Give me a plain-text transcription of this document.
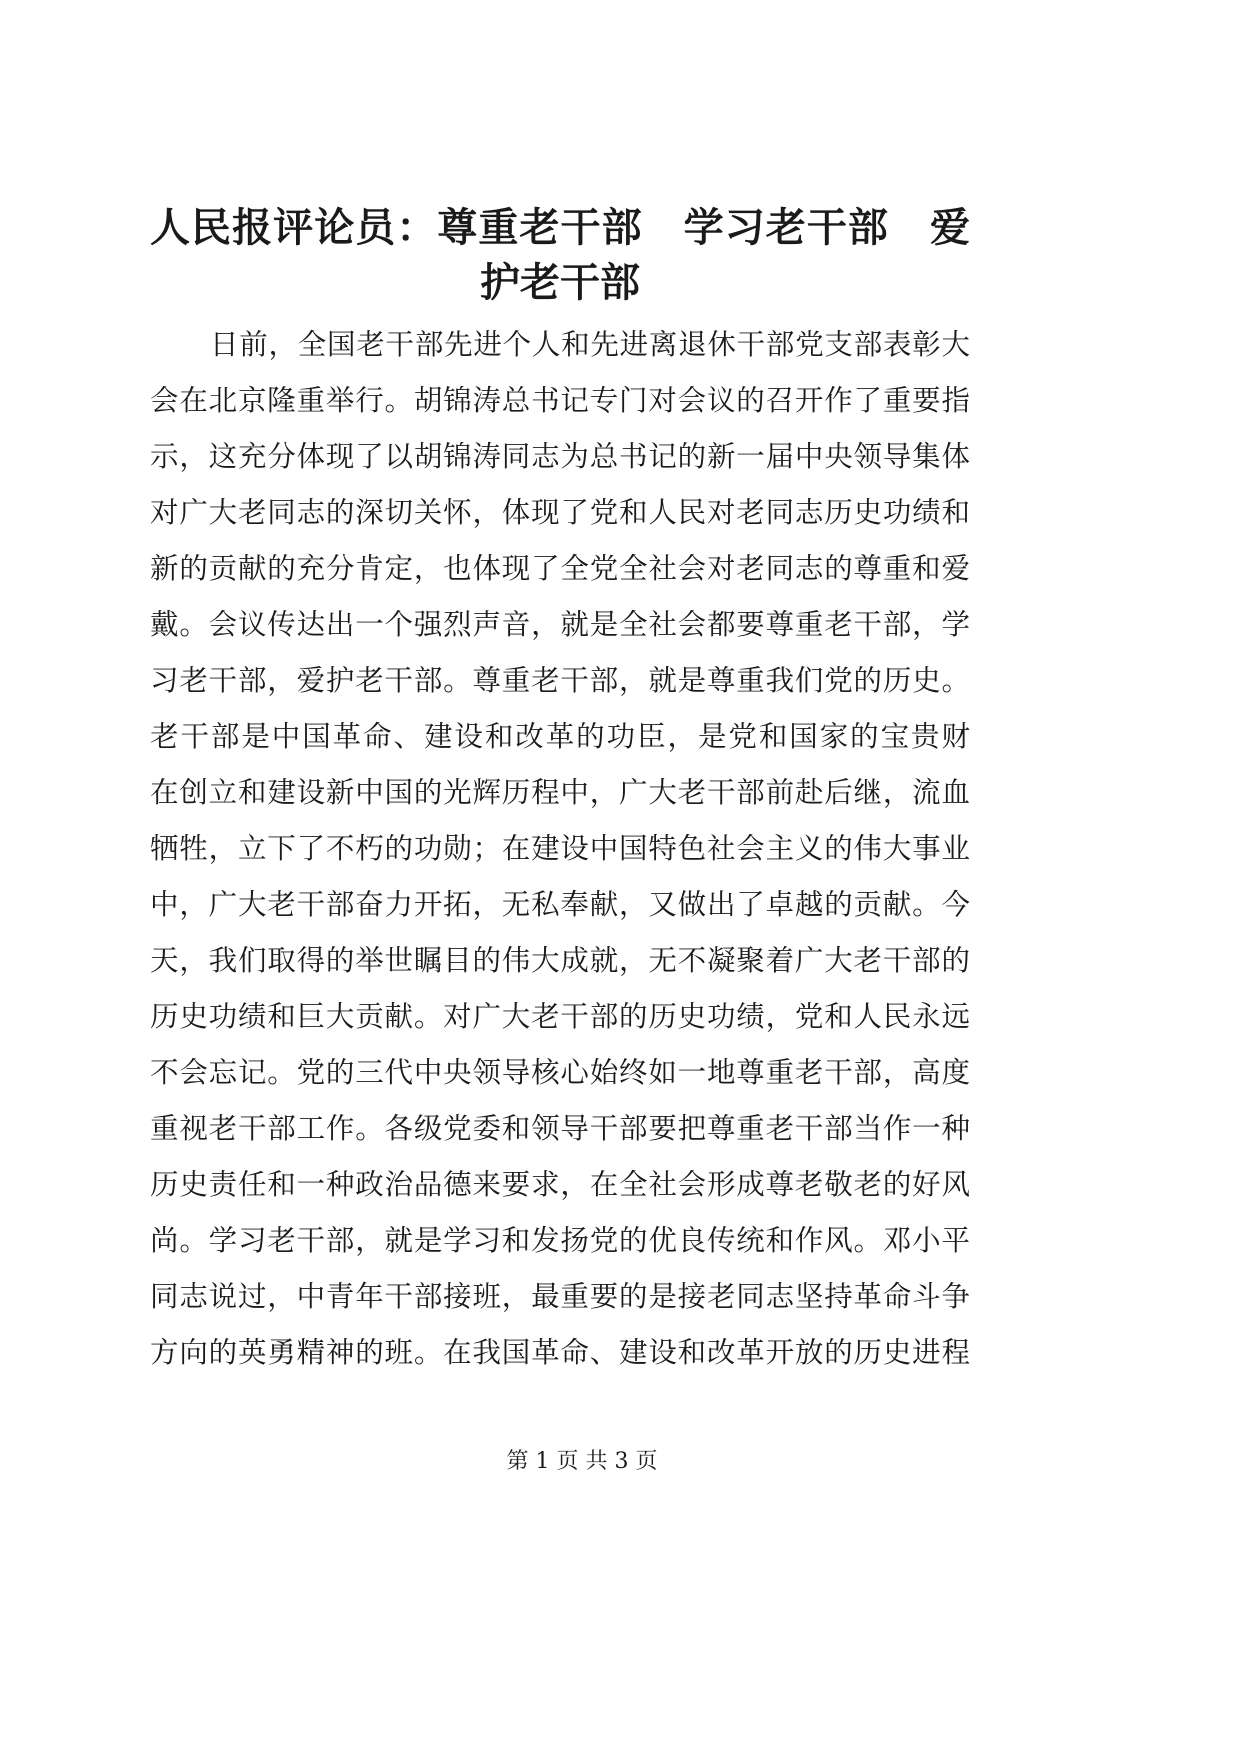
人民报评论员：尊重老干部　学习老干部　爱
护老干部
日前，全国老干部先进个人和先进离退休干部党支部表彰大
会在北京隆重举行。胡锦涛总书记专门对会议的召开作了重要指
示，这充分体现了以胡锦涛同志为总书记的新一届中央领导集体
对广大老同志的深切关怀，体现了党和人民对老同志历史功绩和
新的贡献的充分肯定，也体现了全党全社会对老同志的尊重和爱
戴。会议传达出一个强烈声音，就是全社会都要尊重老干部，学
习老干部，爱护老干部。尊重老干部，就是尊重我们党的历史。
老干部是中国革命、建设和改革的功臣，是党和国家的宝贵财
在创立和建设新中国的光辉历程中，广大老干部前赴后继，流血
牺牲，立下了不朽的功勋；在建设中国特色社会主义的伟大事业
中，广大老干部奋力开拓，无私奉献，又做出了卓越的贡献。今
天，我们取得的举世瞩目的伟大成就，无不凝聚着广大老干部的
历史功绩和巨大贡献。对广大老干部的历史功绩，党和人民永远
不会忘记。党的三代中央领导核心始终如一地尊重老干部，高度
重视老干部工作。各级党委和领导干部要把尊重老干部当作一种
历史责任和一种政治品德来要求，在全社会形成尊老敬老的好风
尚。学习老干部，就是学习和发扬党的优良传统和作风。邓小平
同志说过，中青年干部接班，最重要的是接老同志坚持革命斗争
方向的英勇精神的班。在我国革命、建设和改革开放的历史进程
第 1 页 共 3 页
